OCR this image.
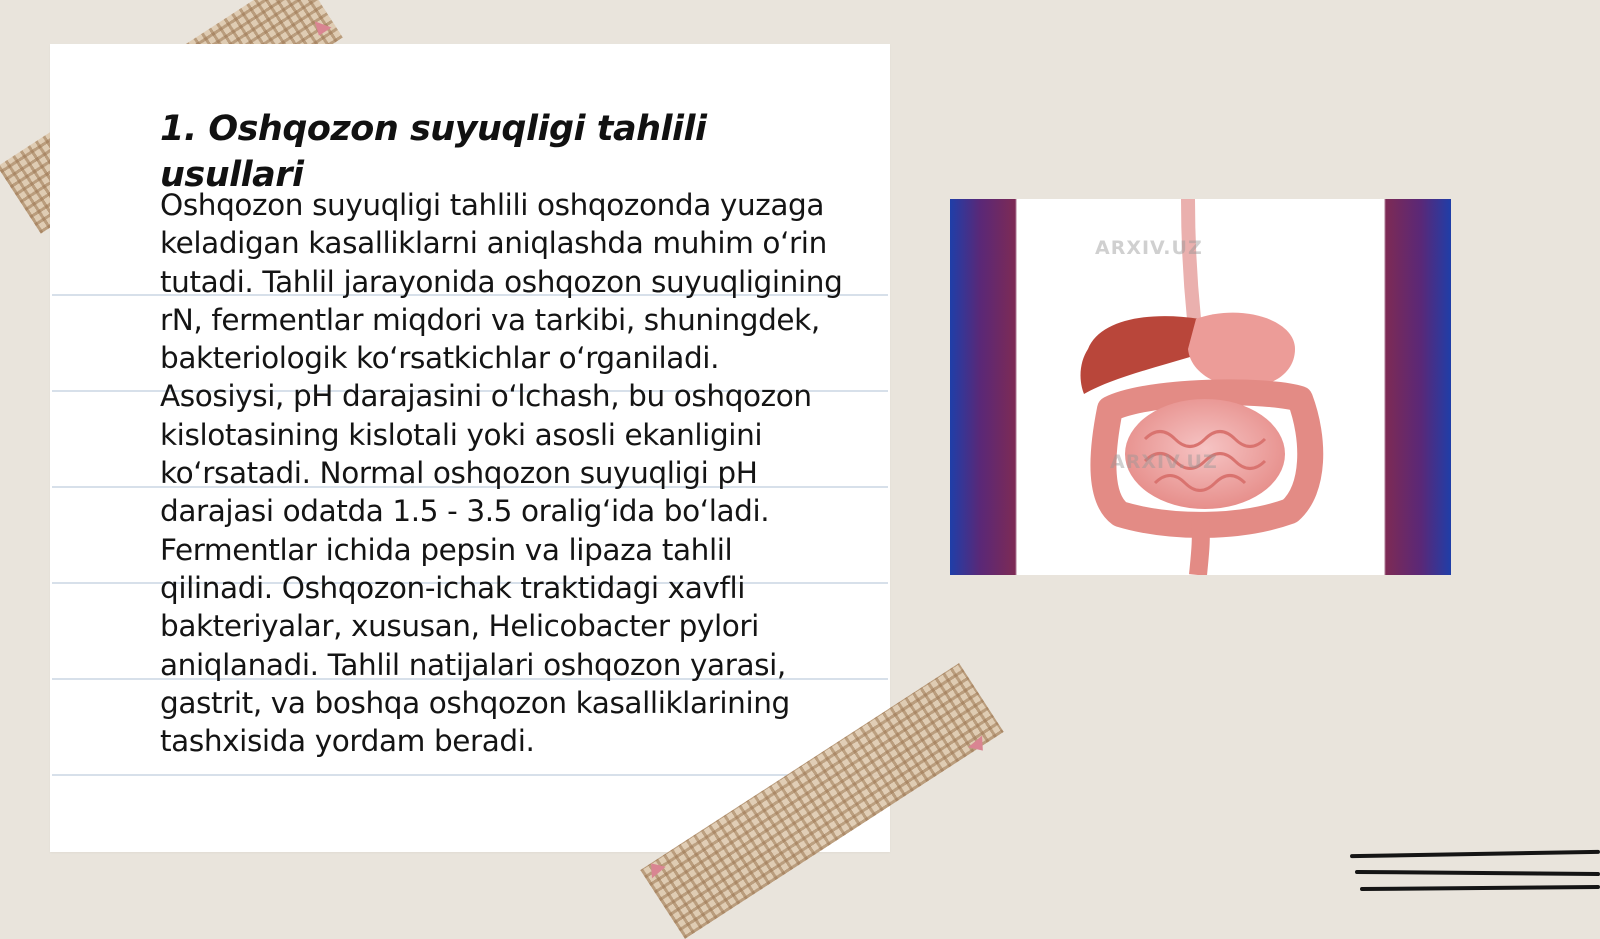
1. Oshqozon suyuqligi tahlili usullari

Oshqozon suyuqligi tahlili oshqozonda yuzaga keladigan kasalliklarni aniqlashda muhim oʻrin tutadi. Tahlil jarayonida oshqozon suyuqligining rN, fermentlar miqdori va tarkibi, shuningdek, bakteriologik koʻrsatkichlar oʻrganiladi. Asosiysi, pH darajasini oʻlchash, bu oshqozon kislotasining kislotali yoki asosli ekanligini koʻrsatadi. Normal oshqozon suyuqligi pH darajasi odatda 1.5 - 3.5 oraligʻida boʻladi. Fermentlar ichida pepsin va lipaza tahlil qilinadi. Oshqozon-ichak traktidagi xavfli bakteriyalar, xususan, Helicobacter pylori aniqlanadi. Tahlil natijalari oshqozon yarasi, gastrit, va boshqa oshqozon kasalliklarining tashxisida yordam beradi.

ARXIV.UZ
ARXIV.UZ
